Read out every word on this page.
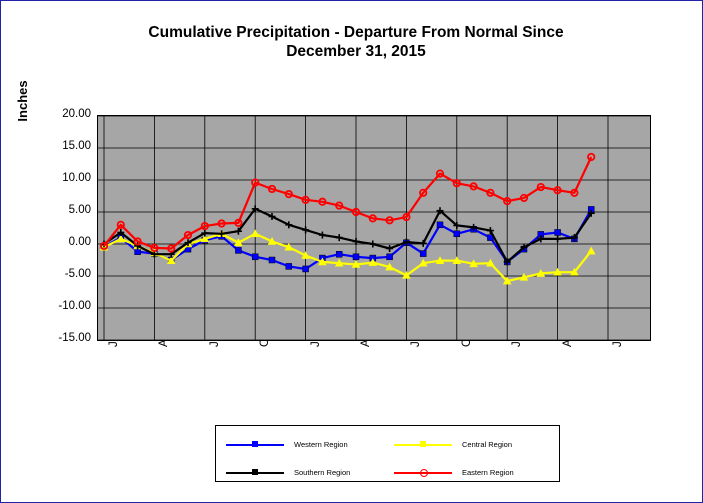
Cumulative Precipitation - Departure From Normal Since
December 31, 2015
Inches	20.00
15.00
10.00
5.00
0.00
-5.00
-10.00
-15.00
Western Region	Central Region
Southern Region	Eastern Region
